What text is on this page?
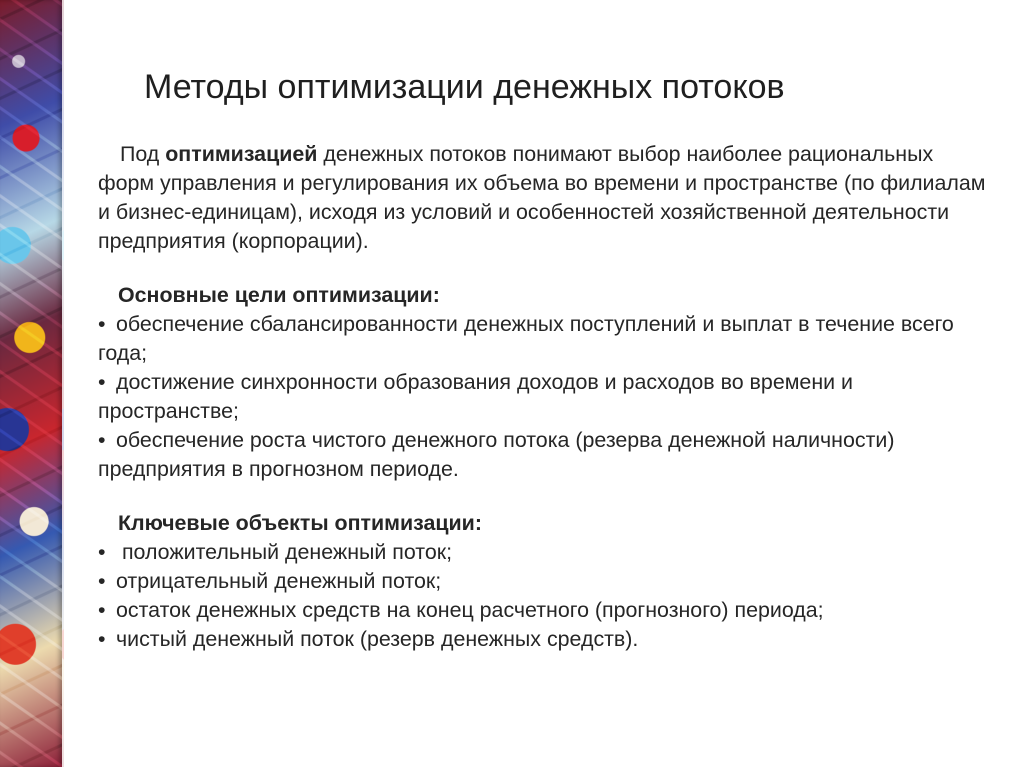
Методы оптимизации денежных потоков

Под оптимизацией денежных потоков понимают выбор наиболее рациональных форм управления и регулирования их объема во времени и пространстве (по филиалам и бизнес-единицам), исходя из условий и особенностей хозяйственной деятельности предприятия (корпорации).

Основные цели оптимизации:
• обеспечение сбалансированности денежных поступлений и выплат в течение всего года;
• достижение синхронности образования доходов и расходов во времени и пространстве;
• обеспечение роста чистого денежного потока (резерва денежной наличности) предприятия в прогнозном периоде.
Ключевые объекты оптимизации:
• положительный денежный поток;
• отрицательный денежный поток;
• остаток денежных средств на конец расчетного (прогнозного) периода;
• чистый денежный поток (резерв денежных средств).
